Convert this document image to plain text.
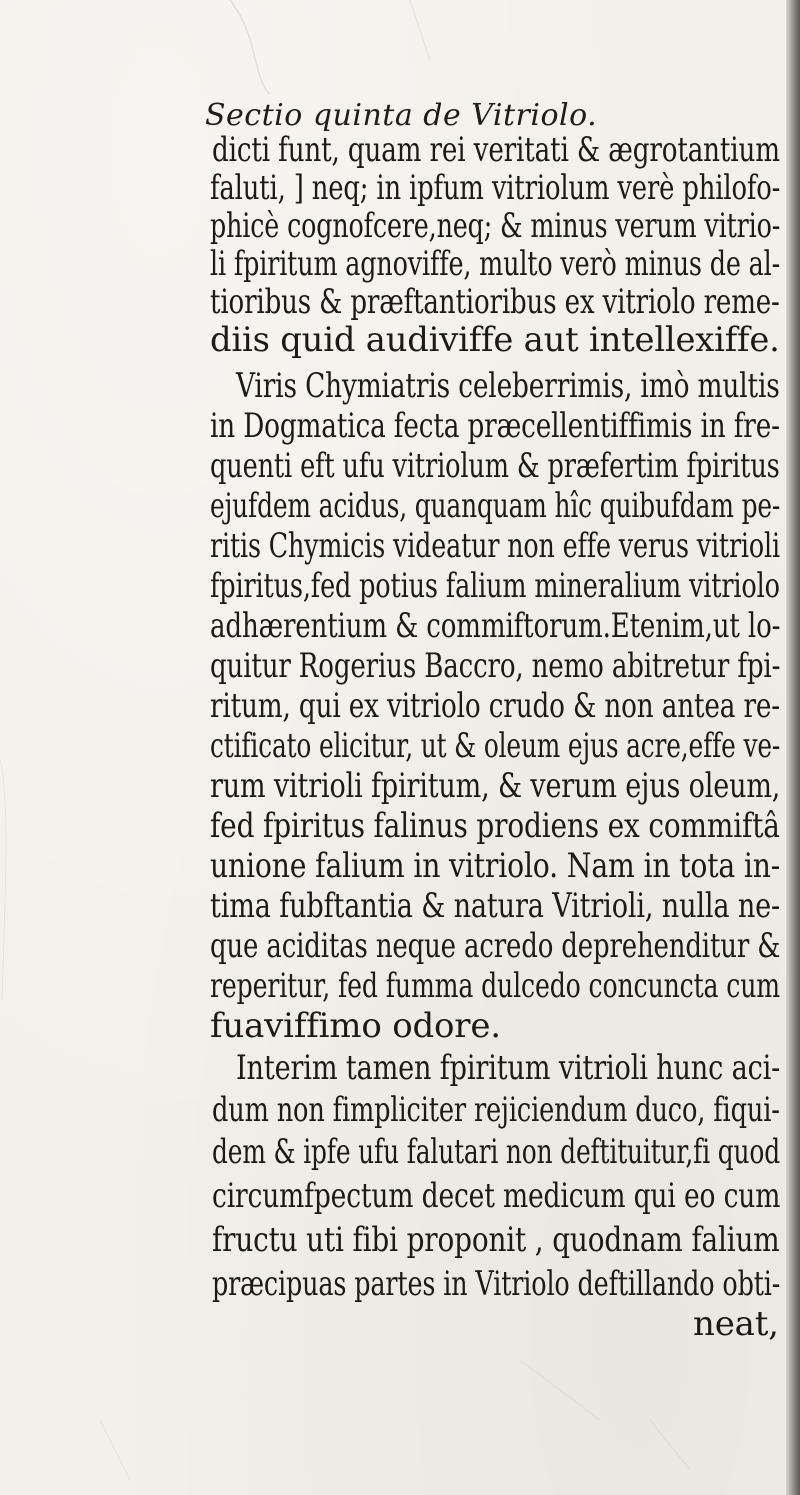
Sectio quinta de Vitriolo.
dicti funt, quam rei veritati & ægrotantium
faluti, ] neq; in ipfum vitriolum verè philofo-
phicè cognofcere,neq; & minus verum vitrio-
li fpiritum agnoviffe, multo verò minus de al-
tioribus & præftantioribus ex vitriolo reme-
diis quid audiviffe aut intellexiffe.
Viris Chymiatris celeberrimis, imò multis
in Dogmatica fecta præcellentiffimis in fre-
quenti eft ufu vitriolum & præfertim fpiritus
ejufdem acidus, quanquam hîc quibufdam pe-
ritis Chymicis videatur non effe verus vitrioli
fpiritus,fed potius falium mineralium vitriolo
adhærentium & commiftorum.Etenim,ut lo-
quitur Rogerius Baccro, nemo abitretur fpi-
ritum, qui ex vitriolo crudo & non antea re-
ctificato elicitur, ut & oleum ejus acre,effe ve-
rum vitrioli fpiritum, & verum ejus oleum,
fed fpiritus falinus prodiens ex commiftâ
unione falium in vitriolo. Nam in tota in-
tima fubftantia & natura Vitrioli, nulla ne-
que aciditas neque acredo deprehenditur &
reperitur, fed fumma dulcedo concuncta cum
fuaviffimo odore.
Interim tamen fpiritum vitrioli hunc aci-
dum non fimpliciter rejiciendum duco, fiqui-
dem & ipfe ufu falutari non deftituitur,fi quod
circumfpectum decet medicum qui eo cum
fructu uti fibi proponit , quodnam falium
præcipuas partes in Vitriolo deftillando obti-
neat,
